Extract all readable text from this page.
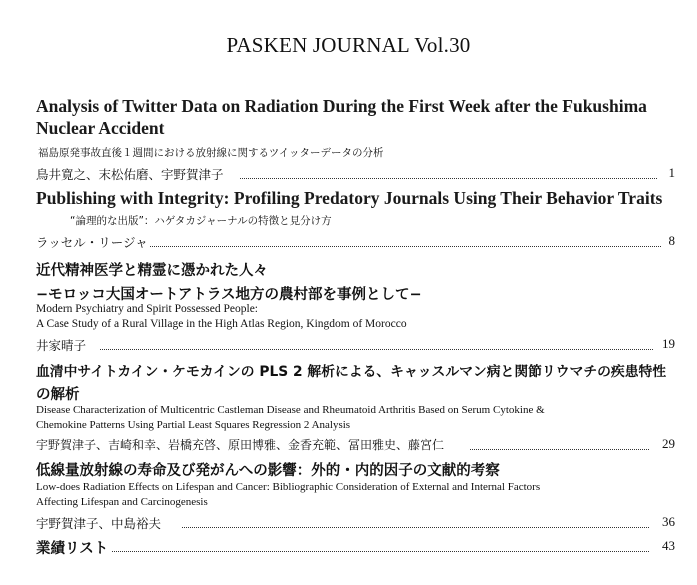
PASKEN JOURNAL Vol.30
Analysis of Twitter Data on Radiation During the First Week after the Fukushima
Nuclear Accident
福島原発事故直後１週間における放射線に関するツイッターデータの分析
鳥井寛之、末松佑磨、宇野賀津子	1
Publishing with Integrity: Profiling Predatory Journals Using Their Behavior Traits
“論理的な出版”：ハゲタカジャーナルの特徴と見分け方
ラッセル・リージャ	8
近代精神医学と精霊に憑かれた人々
−モロッコ大国オートアトラス地方の農村部を事例として−
Modern Psychiatry and Spirit Possessed People:
A Case Study of a Rural Village in the High Atlas Region, Kingdom of Morocco
井家晴子	19
血清中サイトカイン・ケモカインの PLS 2 解析による、キャッスルマン病と関節リウマチの疾患特性
の解析
Disease Characterization of Multicentric Castleman Disease and Rheumatoid Arthritis Based on Serum Cytokine &
Chemokine Patterns Using Partial Least Squares Regression 2 Analysis
宇野賀津子、吉崎和幸、岩橋充啓、原田博雅、金香充範、冨田雅史、藤宮仁	29
低線量放射線の寿命及び発がんへの影響：外的・内的因子の文献的考察
Low-does Radiation Effects on Lifespan and Cancer: Bibliographic Consideration of External and Internal Factors
Affecting Lifespan and Carcinogenesis
宇野賀津子、中島裕夫	36
業績リスト	43
